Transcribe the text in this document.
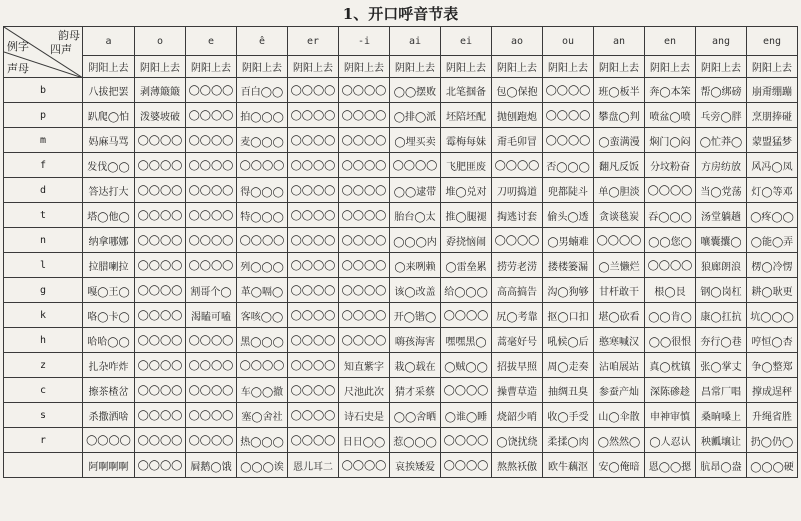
1、开口呼音节表
韵母
四声
例字
声母	a	o	e	ê	er	-i	ai	ei	ao	ou	an	en	ang	eng
	阴阳上去	阴阳上去	阴阳上去	阴阳上去	阴阳上去	阴阳上去	阴阳上去	阴阳上去	阴阳上去	阴阳上去	阴阳上去	阴阳上去	阴阳上去	阴阳上去
b	八拔把罢	剥薄簸簸	◯◯◯◯	百白◯◯	◯◯◯◯	◯◯◯◯	◯◯摆败	北笔掴备	包◯保抱	◯◯◯◯	班◯板半	奔◯本笨	帮◯绑磅	崩甭绷蹦
p	趴爬◯怕	泼婆坡破	◯◯◯◯	拍◯◯◯	◯◯◯◯	◯◯◯◯	◯排◯派	坯陪坯配	抛刨跑炮	◯◯◯◯	攀盘◯判	喷盆◯喷	乓旁◯胖	烹朋捧碰
m	妈麻马骂	◯◯◯◯	◯◯◯◯	麦◯◯◯	◯◯◯◯	◯◯◯◯	◯埋买卖	霉梅每妹	甭毛卯冒	◯◯◯◯	◯蛮满漫	焖门◯闷	◯忙莽◯	蒙盟猛梦
f	发伐◯◯	◯◯◯◯	◯◯◯◯	◯◯◯◯	◯◯◯◯	◯◯◯◯	◯◯◯◯	飞肥匪废	◯◯◯◯	否◯◯◯	翻凡反饭	分坟粉奋	方房纺放	风冯◯凤
d	答达打大	◯◯◯◯	◯◯◯◯	得◯◯◯	◯◯◯◯	◯◯◯◯	◯◯逮带	堆◯兑对	刀叨捣道	兜都陡斗	单◯胆淡	◯◯◯◯	当◯党荡	灯◯等邓
t	塔◯他◯	◯◯◯◯	◯◯◯◯	特◯◯◯	◯◯◯◯	◯◯◯◯	胎台◯太	推◯腿褪	掏逃讨套	偷头◯透	贪谈毯炭	吞◯◯◯	汤堂躺趟	◯疼◯◯
n	纳拿哪娜	◯◯◯◯	◯◯◯◯	◯◯◯◯	◯◯◯◯	◯◯◯◯	◯◯◯内	孬挠恼闹	◯◯◯◯	◯男蝻难	◯◯◯◯	◯◯您◯	嚷囊攮◯	◯能◯弄
l	拉腊喇拉	◯◯◯◯	◯◯◯◯	列◯◯◯	◯◯◯◯	◯◯◯◯	◯来咧赖	◯雷垒累	捞劳老涝	搂楼篓漏	◯兰懒烂	◯◯◯◯	狼廊朗浪	楞◯冷愣
g	嘎◯王◯	◯◯◯◯	割哥个◯	革◯嗝◯	◯◯◯◯	◯◯◯◯	该◯改盖	给◯◯◯	高高搞告	沟◯狗够	甘杆敢干	根◯艮	钢◯岗杠	耕◯耿更
k	咯◯卡◯	◯◯◯◯	渴瞌可嗑	客咳◯◯	◯◯◯◯	◯◯◯◯	开◯锴◯	◯◯◯◯	尻◯考靠	抠◯口扣	堪◯砍看	◯◯肯◯	康◯扛抗	坑◯◯◯
h	哈哈◯◯	◯◯◯◯	◯◯◯◯	黑◯◯◯	◯◯◯◯	◯◯◯◯	嗨孩海害	嘿嘿黑◯	蒿毫好号	吼候◯后	憨寒喊汉	◯◯很恨	夯行◯巷	哼恒◯杏
z	扎杂咋炸	◯◯◯◯	◯◯◯◯	◯◯◯◯	◯◯◯◯	知直紫字	栽◯载在	◯贼◯◯	招拔早照	周◯走奏	沾咱展站	真◯枕镇	张◯掌丈	争◯整郑
c	擦茶楂岔	◯◯◯◯	◯◯◯◯	车◯◯撤	◯◯◯◯	尺池此次	猜才采蔡	◯◯◯◯	操曹草造	抽绸丑臭	参蚕产灿	深陈碜趁	昌常厂唱	撑成逞秤
s	杀撒洒啥	◯◯◯◯	◯◯◯◯	塞◯舍社	◯◯◯◯	诗石史是	◯◯舍晒	◯谁◯睡	烧韶少哨	收◯手受	山◯伞散	申神审慎	桑晌嗓上	升绳省胜
r	◯◯◯◯	◯◯◯◯	◯◯◯◯	热◯◯◯	◯◯◯◯	日日◯◯	惹◯◯◯	◯◯◯◯	◯饶扰绕	柔揉◯肉	◯然然◯	◯人忍认	秧瓤壤让	扔◯仍◯
	阿啊啊啊	◯◯◯◯	屙鹅◯饿	◯◯◯诶	恩儿耳二	◯◯◯◯	哀挨矮爱	◯◯◯◯	熬熬袄傲	欧牛藕沤	安◯俺暗	恩◯◯摁	肮昂◯盎	◯◯◯硬
